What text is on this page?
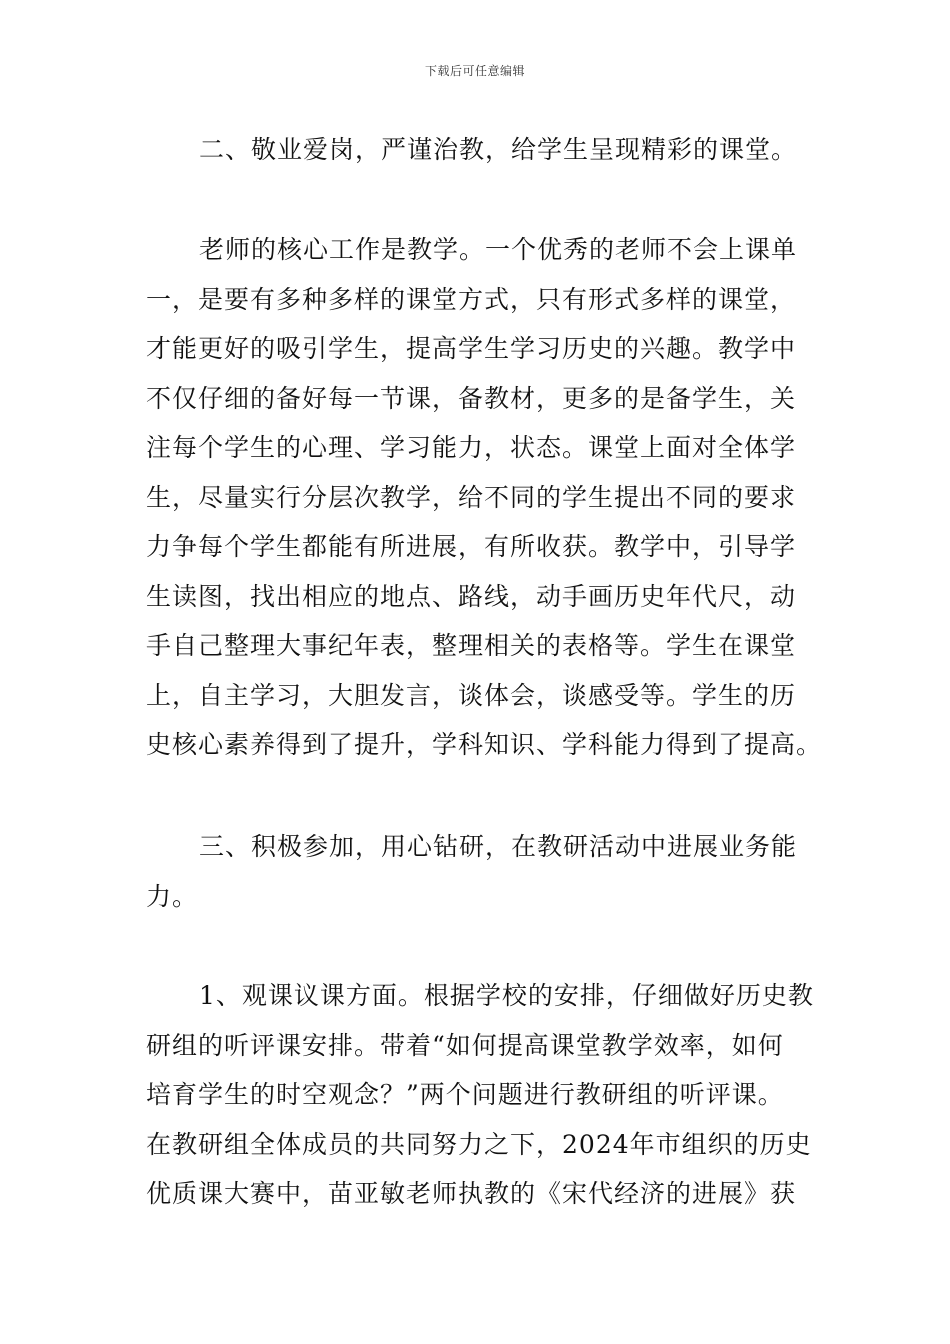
下载后可任意编辑
二、敬业爱岗，严谨治教，给学生呈现精彩的课堂。
老师的核心工作是教学。一个优秀的老师不会上课单
一，是要有多种多样的课堂方式，只有形式多样的课堂，
才能更好的吸引学生，提高学生学习历史的兴趣。教学中
不仅仔细的备好每一节课，备教材，更多的是备学生，关
注每个学生的心理、学习能力，状态。课堂上面对全体学
生，尽量实行分层次教学，给不同的学生提出不同的要求
力争每个学生都能有所进展，有所收获。教学中，引导学
生读图，找出相应的地点、路线，动手画历史年代尺，动
手自己整理大事纪年表，整理相关的表格等。学生在课堂
上，自主学习，大胆发言，谈体会，谈感受等。学生的历
史核心素养得到了提升，学科知识、学科能力得到了提高。
三、积极参加，用心钻研，在教研活动中进展业务能
力。
1、观课议课方面。根据学校的安排，仔细做好历史教
研组的听评课安排。带着“如何提高课堂教学效率，如何
培育学生的时空观念？”两个问题进行教研组的听评课。
在教研组全体成员的共同努力之下，2024年市组织的历史
优质课大赛中，苗亚敏老师执教的《宋代经济的进展》获
